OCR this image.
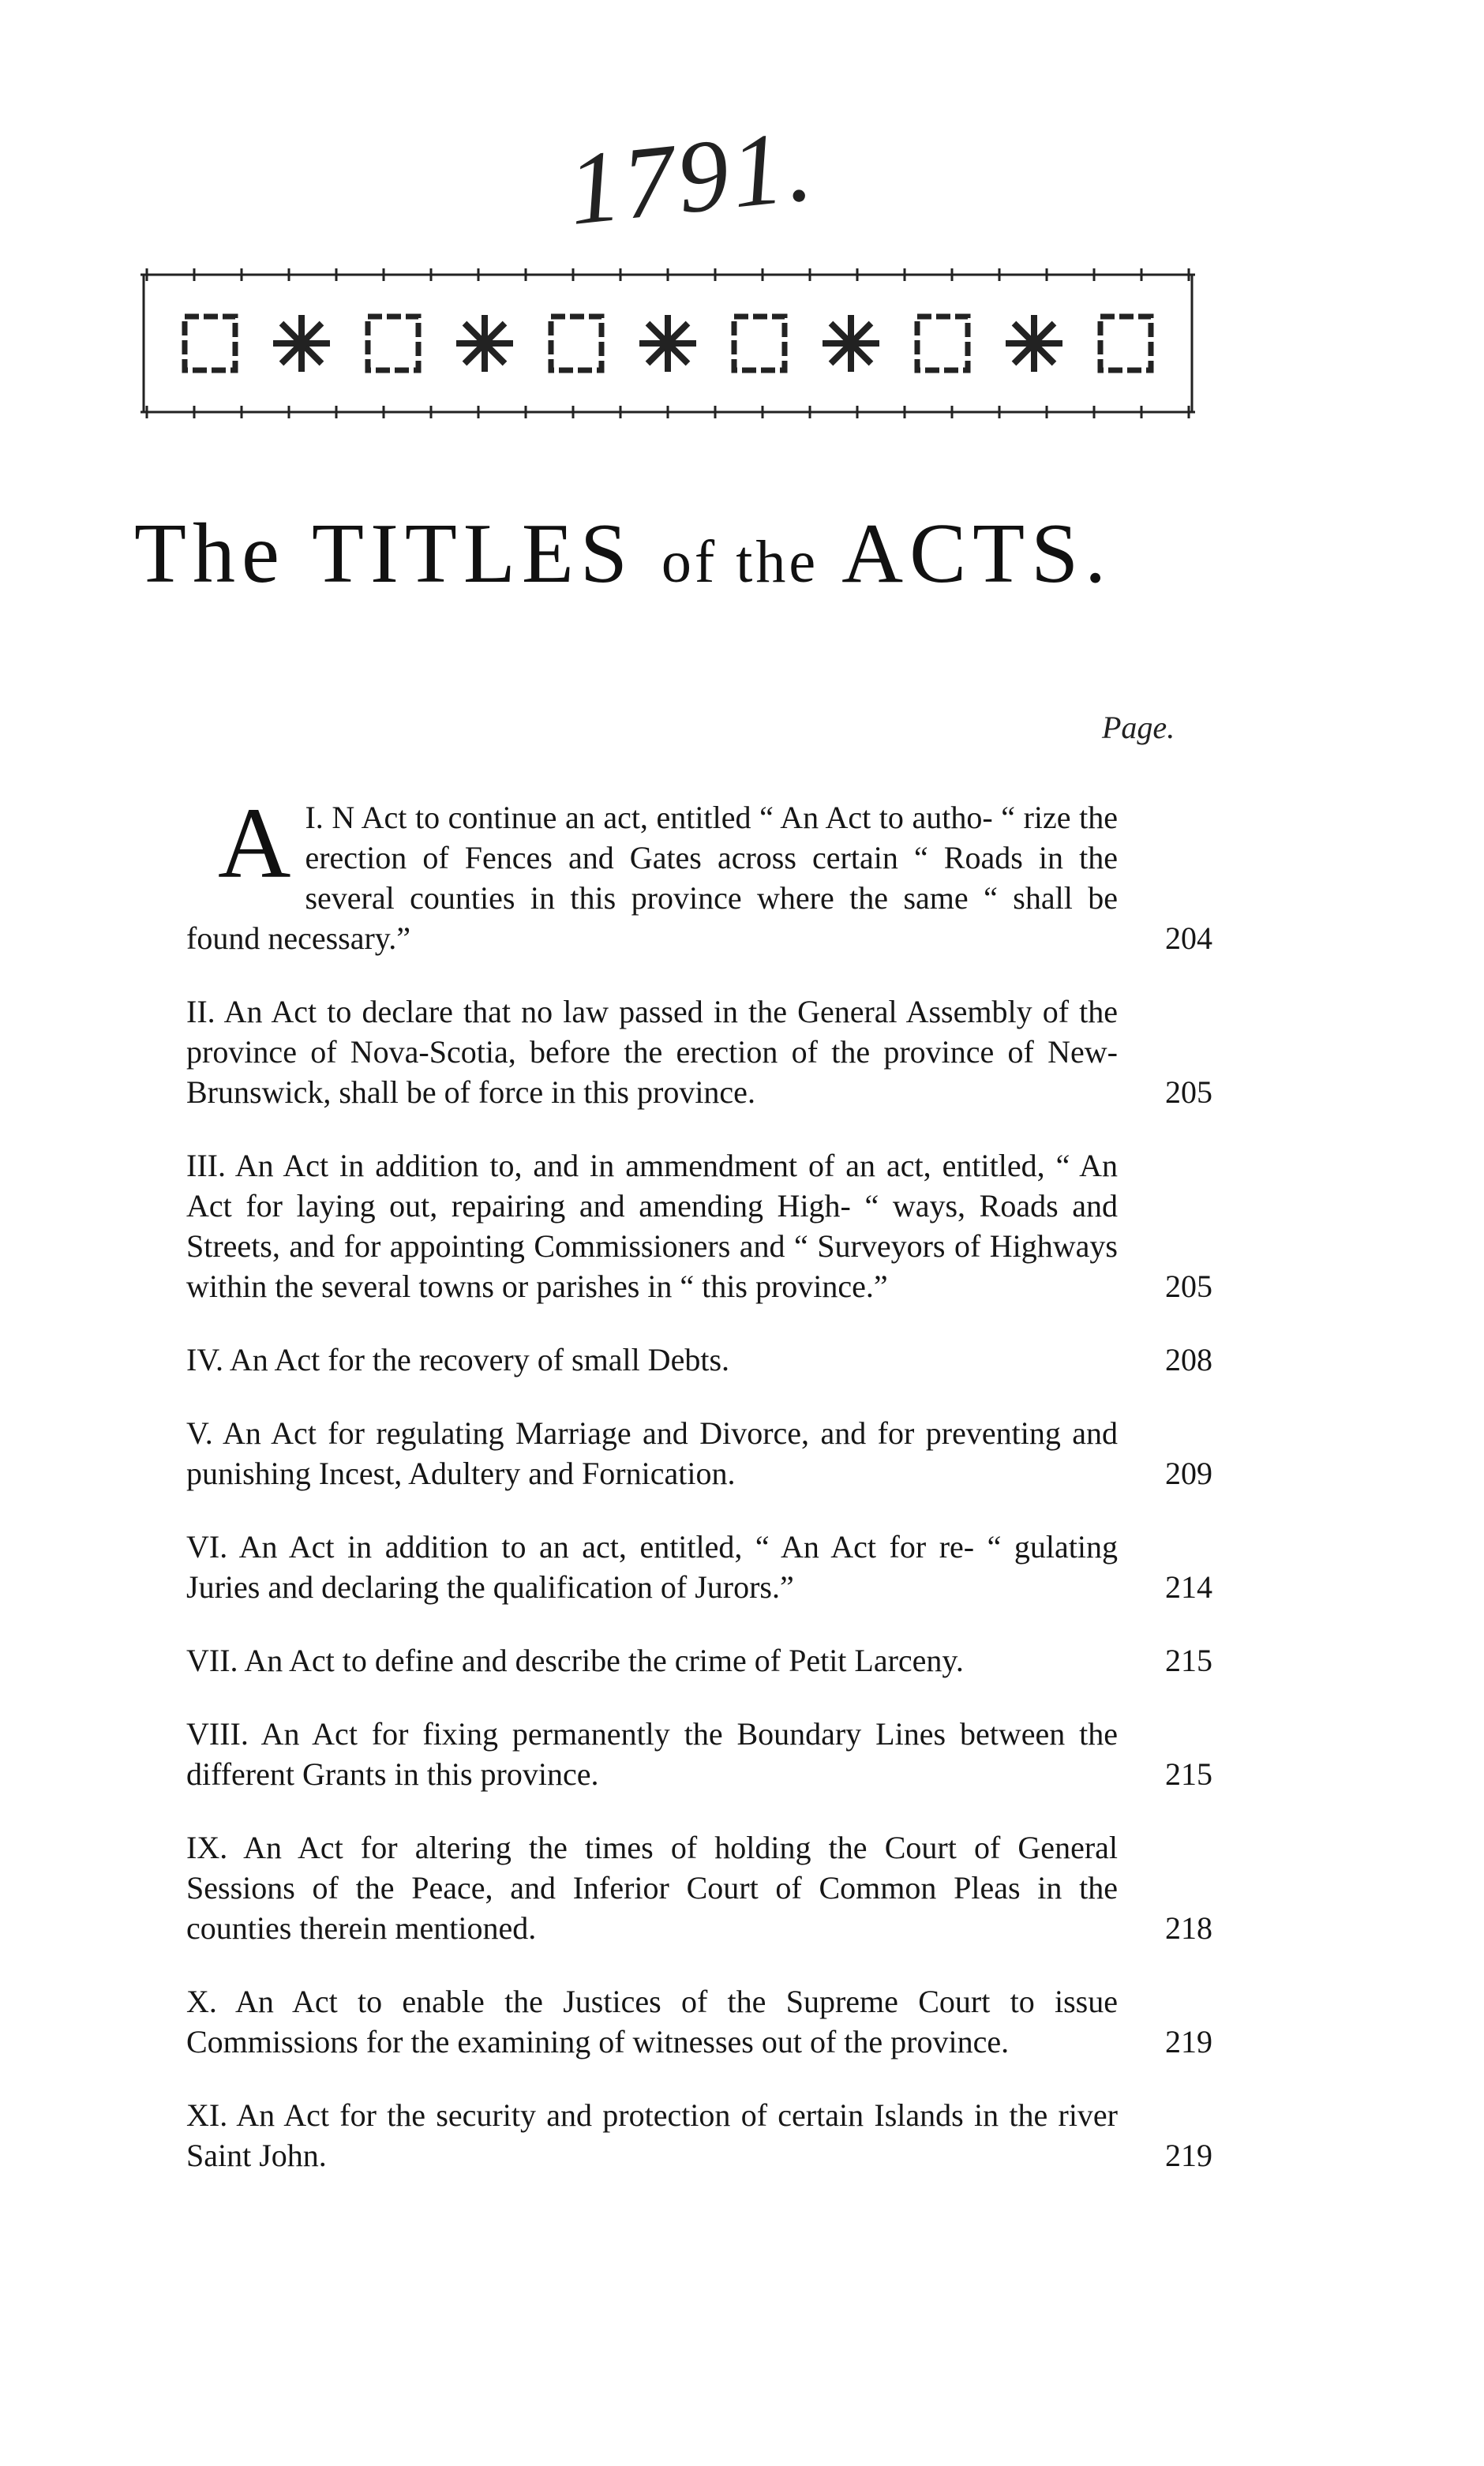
1791.
The TITLES of the ACTS.
Page.
I.
A N Act to continue an act, entitled “ An Act to autho- “ rize the erection of Fences and Gates across certain “ Roads in the several counties in this province where the same “ shall be found necessary.”	204
II. An Act to declare that no law passed in the General Assembly of the province of Nova-Scotia, before the erection of the province of New-Brunswick, shall be of force in this province.	205
III. An Act in addition to, and in ammendment of an act, entitled, “ An Act for laying out, repairing and amending High- “ ways, Roads and Streets, and for appointing Commissioners and “ Surveyors of Highways within the several towns or parishes in “ this province.”	205
IV. An Act for the recovery of small Debts.	208
V. An Act for regulating Marriage and Divorce, and for preventing and punishing Incest, Adultery and Fornication.	209
VI. An Act in addition to an act, entitled, “ An Act for re- “ gulating Juries and declaring the qualification of Jurors.”	214
VII. An Act to define and describe the crime of Petit Larceny.	215
VIII. An Act for fixing permanently the Boundary Lines between the different Grants in this province.	215
IX. An Act for altering the times of holding the Court of General Sessions of the Peace, and Inferior Court of Common Pleas in the counties therein mentioned.	218
X. An Act to enable the Justices of the Supreme Court to issue Commissions for the examining of witnesses out of the province.	219
XI. An Act for the security and protection of certain Islands in the river Saint John.	219
